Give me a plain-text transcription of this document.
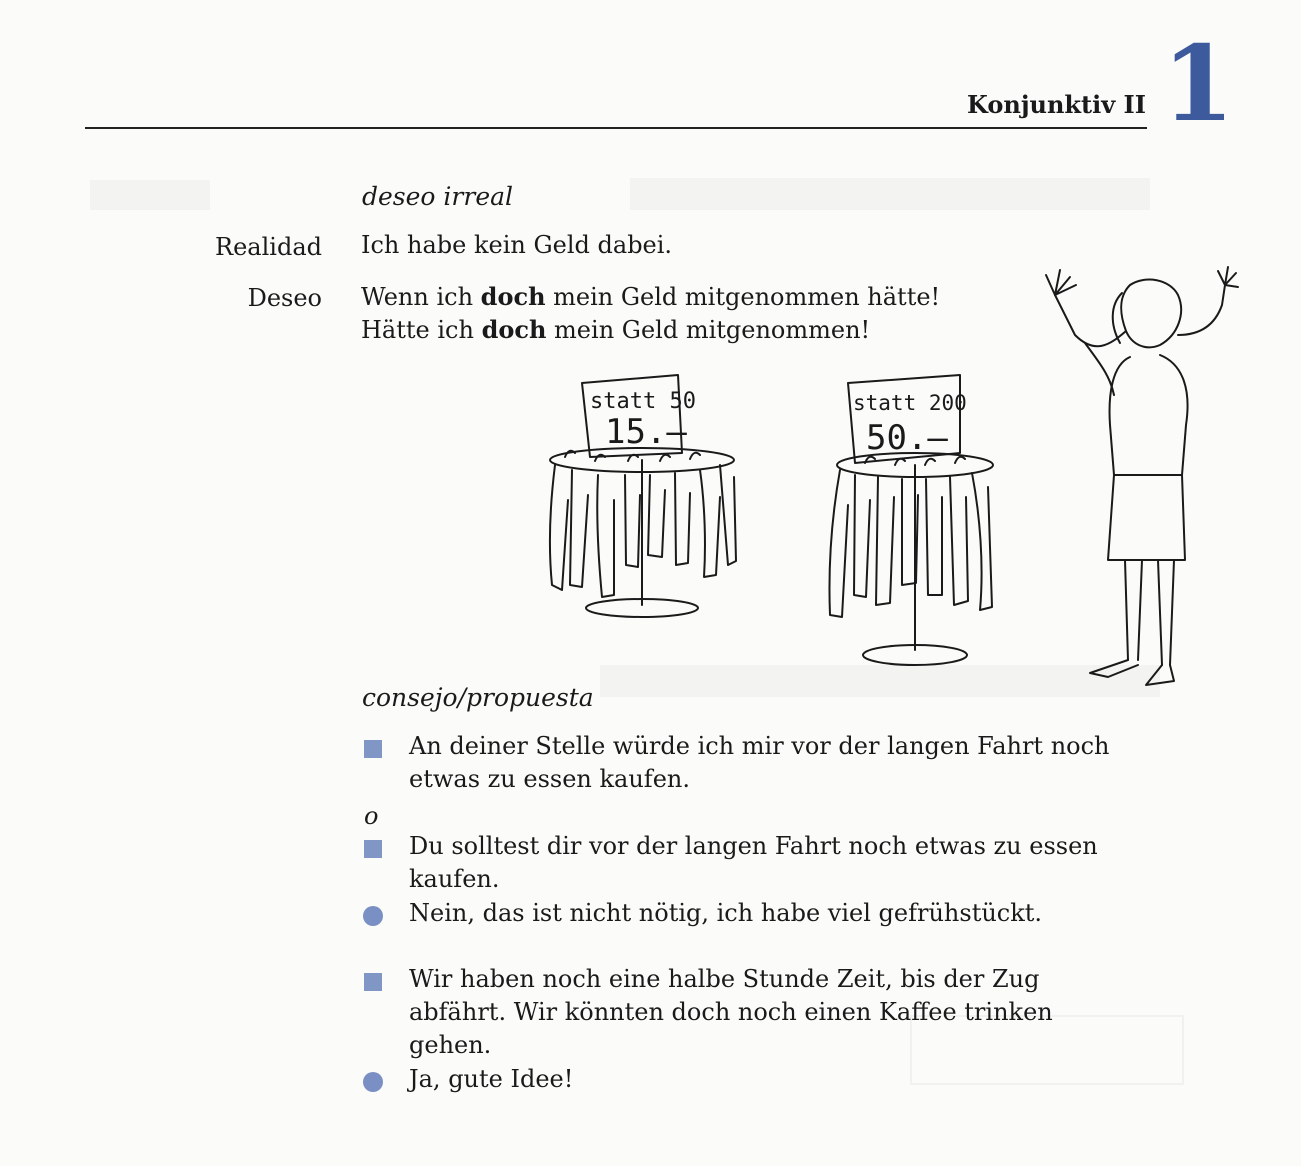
Konjunktiv II 1
deseo irreal
Realidad Ich habe kein Geld dabei.
Deseo Wenn ich doch mein Geld mitgenommen hätte!
Hätte ich doch mein Geld mitgenommen!
statt 50
15.–
statt 200
50.–
consejo/propuesta
An deiner Stelle würde ich mir vor der langen Fahrt noch
etwas zu essen kaufen.
o
Du solltest dir vor der langen Fahrt noch etwas zu essen
kaufen.
Nein, das ist nicht nötig, ich habe viel gefrühstückt.
Wir haben noch eine halbe Stunde Zeit, bis der Zug
abfährt. Wir könnten doch noch einen Kaffee trinken
gehen.
Ja, gute Idee!
